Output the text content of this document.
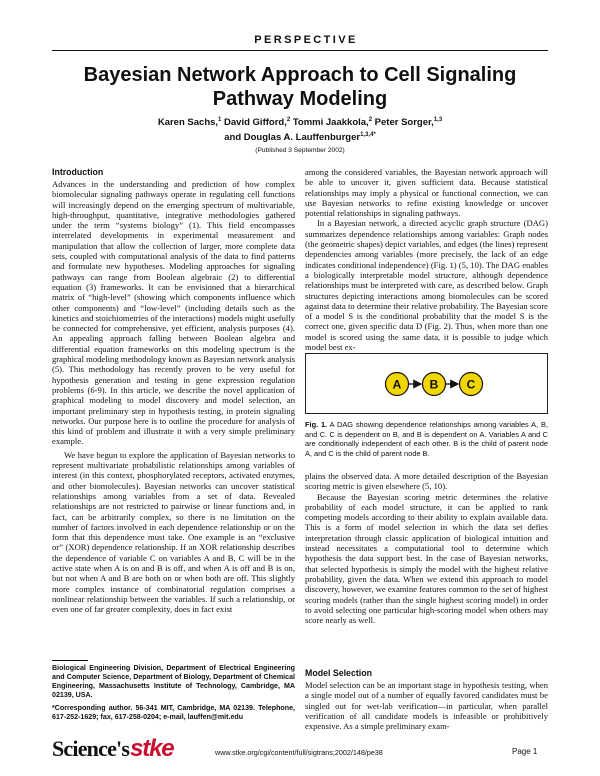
PERSPECTIVE
Bayesian Network Approach to Cell Signaling
Pathway Modeling
Karen Sachs,$^1$ David Gifford,$^2$ Tommi Jaakkola,$^2$ Peter Sorger,$^{1,3}$
and Douglas A. Lauffenburger$^{1,3,4*}$
(Published 3 September 2002)
Introduction

Advances in the understanding and prediction of how complex biomolecular signaling pathways operate in regulating cell functions will increasingly depend on the emerging spectrum of multivariable, high-throughput, quantitative, integrative methodologies gathered under the term “systems biology” (1). This field encompasses interrelated developments in experimental measurement and manipulation that allow the collection of larger, more complete data sets, coupled with computational analysis of the data to find patterns and formulate new hypotheses. Modeling approaches for signaling pathways can range from Boolean algebraic (2) to differential equation (3) frameworks. It can be envisioned that a hierarchical matrix of “high-level” (showing which components influence which other components) and “low-level” (including details such as the kinetics and stoichiometries of the interactions) models might usefully be connected for comprehensive, yet efficient, analysis purposes (4). An appealing approach falling between Boolean algebra and differential equation frameworks on this modeling spectrum is the graphical modeling methodology known as Bayesian network analysis (5). This methodology has recently proven to be very useful for hypothesis generation and testing in gene expression regulation problems (6-9). In this article, we describe the novel application of graphical modeling to model discovery and model selection, an important preliminary step in hypothesis testing, in protein signaling networks. Our purpose here is to outline the procedure for analysis of this kind of problem and illustrate it with a very simple preliminary example.

We have begun to explore the application of Bayesian networks to represent multivariate probabilistic relationships among variables of interest (in this context, phosphorylated receptors, activated enzymes, and other biomolecules). Bayesian networks can uncover statistical relationships among variables from a set of data. Revealed relationships are not restricted to pairwise or linear functions and, in fact, can be arbitrarily complex, so there is no limitation on the number of factors involved in each dependence relationship or on the form that this dependence must take. One example is an “exclusive or” (XOR) dependence relationship. If an XOR relationship describes the dependence of variable C on variables A and B, C will be in the active state when A is on and B is off, and when A is off and B is on, but not when A and B are both on or when both are off. This slightly more complex instance of combinatorial regulation comprises a nonlinear relationship between the variables. If such a relationship, or even one of far greater complexity, does in fact exist

among the considered variables, the Bayesian network approach will be able to uncover it, given sufficient data. Because statistical relationships may imply a physical or functional connection, we can use Bayesian networks to refine existing knowledge or uncover potential relationships in signaling pathways.

In a Bayesian network, a directed acyclic graph structure (DAG) summarizes dependence relationships among variables: Graph nodes (the geometric shapes) depict variables, and edges (the lines) represent dependencies among variables (more precisely, the lack of an edge indicates conditional independence) (Fig. 1) (5, 10). The DAG enables a biologically interpretable model structure, although dependence relationships must be interpreted with care, as described below. Graph structures depicting interactions among biomolecules can be scored against data to determine their relative probability. The Bayesian score of a model S is the conditional probability that the model S is the correct one, given specific data D (Fig. 2). Thus, when more than one model is scored using the same data, it is possible to judge which model best ex-

A B C
Fig. 1. A DAG showing dependence relationships among variables A, B, and C. C is dependent on B, and B is dependent on A. Variables A and C are conditionally independent of each other. B is the child of parent node A, and C is the child of parent node B.

plains the observed data. A more detailed description of the Bayesian scoring metric is given elsewhere (5, 10).

Because the Bayesian scoring metric determines the relative probability of each model structure, it can be applied to rank competing models according to their ability to explain available data. This is a form of model selection in which the data set defies interpretation through classic application of biological intuition and instead necessitates a computational tool to determine which hypothesis the data support best. In the case of Bayesian networks, that selected hypothesis is simply the model with the highest relative probability, given the data. When we extend this approach to model discovery, however, we examine features common to the set of highest scoring models (rather than the single highest scoring model) in order to avoid selecting one particular high-scoring model when others may score nearly as well.

Model Selection

Model selection can be an important stage in hypothesis testing, when a single model out of a number of equally favored candidates must be singled out for wet-lab verification—in particular, when parallel verification of all candidate models is infeasible or prohibitively expensive. As a simple preliminary exam-

Biological Engineering Division, Department of Electrical Engineering and Computer Science, Department of Biology, Department of Chemical Engineering, Massachusetts Institute of Technology, Cambridge, MA 02139, USA.
*Corresponding author. 56-341 MIT, Cambridge, MA 02139. Telephone, 617-252-1629; fax, 617-258-0204; e-mail, lauffen@mit.edu
Science's stke	www.stke.org/cgi/content/full/sigtrans;2002/148/pe38	Page 1
